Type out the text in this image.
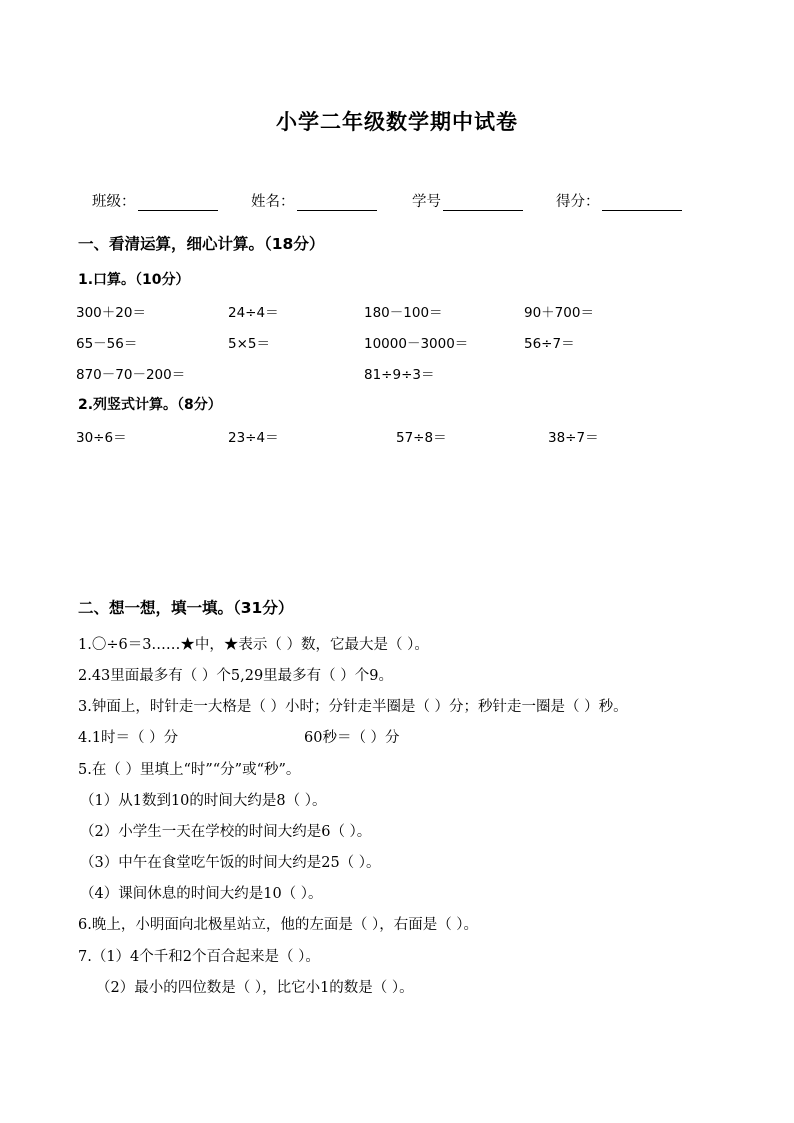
小学二年级数学期中试卷
班级：	姓名：	学号	得分：
一、看清运算，细心计算。（18分）
1.口算。（10分）
300＋20＝	24÷4＝	180－100＝	90＋700＝
65－56＝	5×5＝	10000－3000＝	56÷7＝
870－70－200＝	81÷9÷3＝
2.列竖式计算。（8分）
30÷6＝	23÷4＝	57÷8＝	38÷7＝
二、想一想，填一填。（31分）
1.〇÷6＝3……★中，★表示（ ）数，它最大是（ ）。
2.43里面最多有（ ）个5,29里最多有（ ）个9。
3.钟面上，时针走一大格是（ ）小时；分针走半圈是（ ）分；秒针走一圈是（ ）秒。
4.1时＝（ ）分	60秒＝（ ）分
5.在（ ）里填上“时”“分”或“秒”。
（1）从1数到10的时间大约是8（ ）。
（2）小学生一天在学校的时间大约是6（ ）。
（3）中午在食堂吃午饭的时间大约是25（ ）。
（4）课间休息的时间大约是10（ ）。
6.晚上，小明面向北极星站立，他的左面是（ ），右面是（ ）。
7.（1）4个千和2个百合起来是（ ）。
（2）最小的四位数是（ ），比它小1的数是（ ）。
